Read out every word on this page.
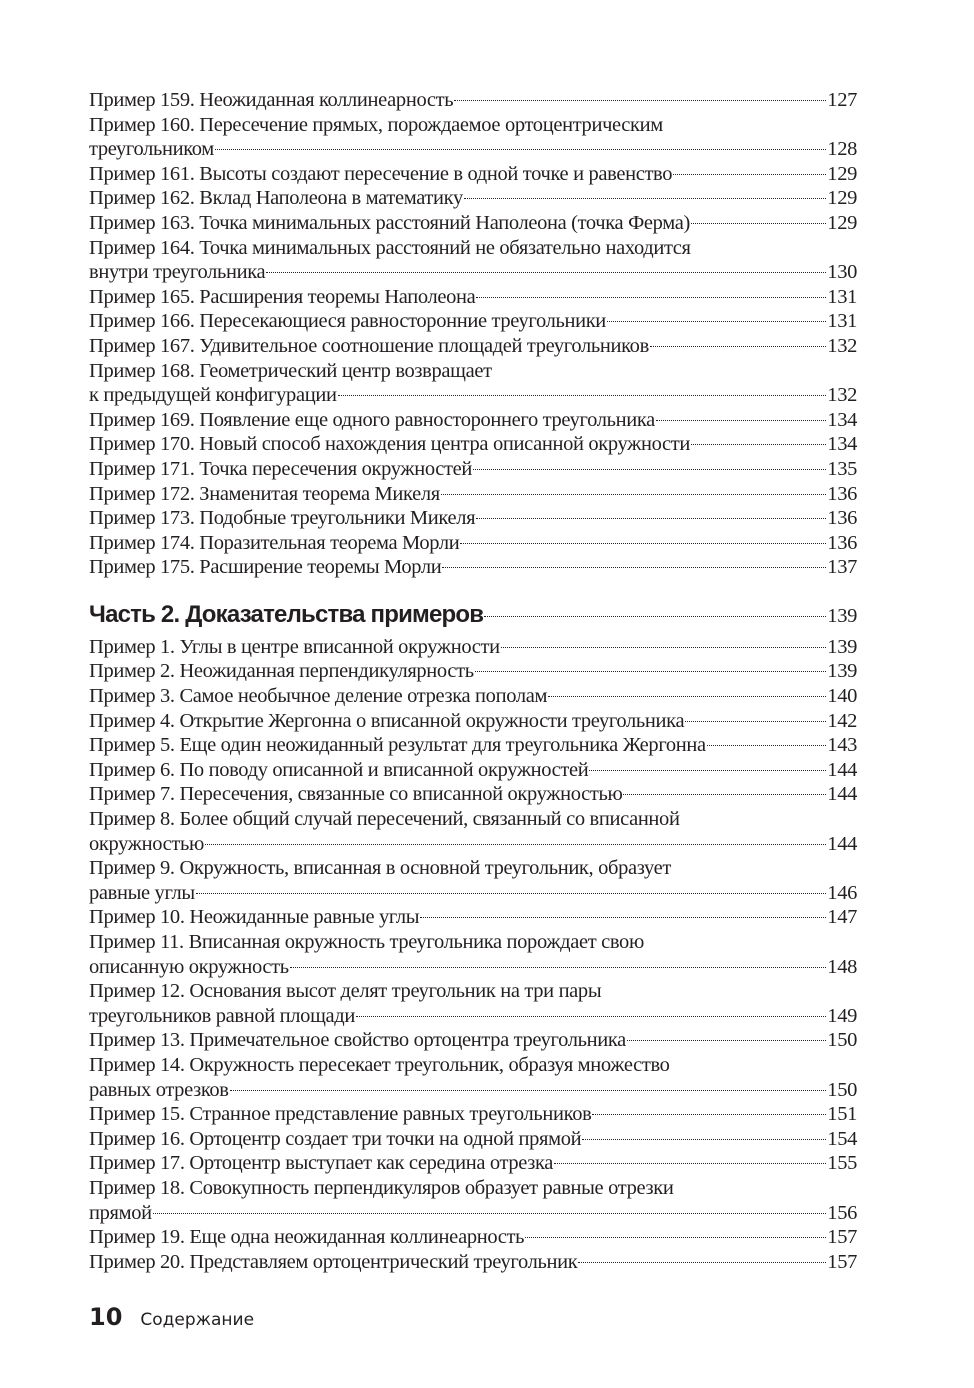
Пример 159. Неожиданная коллинеарность	127
Пример 160. Пересечение прямых, порождаемое ортоцентрическим
треугольником	128
Пример 161. Высоты создают пересечение в одной точке и равенство	129
Пример 162. Вклад Наполеона в математику	129
Пример 163. Точка минимальных расстояний Наполеона (точка Ферма)	129
Пример 164. Точка минимальных расстояний не обязательно находится
внутри треугольника	130
Пример 165. Расширения теоремы Наполеона	131
Пример 166. Пересекающиеся равносторонние треугольники	131
Пример 167. Удивительное соотношение площадей треугольников	132
Пример 168. Геометрический центр возвращает
к предыдущей конфигурации	132
Пример 169. Появление еще одного равностороннего треугольника	134
Пример 170. Новый способ нахождения центра описанной окружности	134
Пример 171. Точка пересечения окружностей	135
Пример 172. Знаменитая теорема Микеля	136
Пример 173. Подобные треугольники Микеля	136
Пример 174. Поразительная теорема Морли	136
Пример 175. Расширение теоремы Морли	137
Часть 2. Доказательства примеров	139
Пример 1. Углы в центре вписанной окружности	139
Пример 2. Неожиданная перпендикулярность	139
Пример 3. Самое необычное деление отрезка пополам	140
Пример 4. Открытие Жергонна о вписанной окружности треугольника	142
Пример 5. Еще один неожиданный результат для треугольника Жергонна	143
Пример 6. По поводу описанной и вписанной окружностей	144
Пример 7. Пересечения, связанные со вписанной окружностью	144
Пример 8. Более общий случай пересечений, связанный со вписанной
окружностью	144
Пример 9. Окружность, вписанная в основной треугольник, образует
равные углы	146
Пример 10. Неожиданные равные углы	147
Пример 11. Вписанная окружность треугольника порождает свою
описанную окружность	148
Пример 12. Основания высот делят треугольник на три пары
треугольников равной площади	149
Пример 13. Примечательное свойство ортоцентра треугольника	150
Пример 14. Окружность пересекает треугольник, образуя множество
равных отрезков	150
Пример 15. Странное представление равных треугольников	151
Пример 16. Ортоцентр создает три точки на одной прямой	154
Пример 17. Ортоцентр выступает как середина отрезка	155
Пример 18. Совокупность перпендикуляров образует равные отрезки
прямой	156
Пример 19. Еще одна неожиданная коллинеарность	157
Пример 20. Представляем ортоцентрический треугольник	157
10 Содержание
